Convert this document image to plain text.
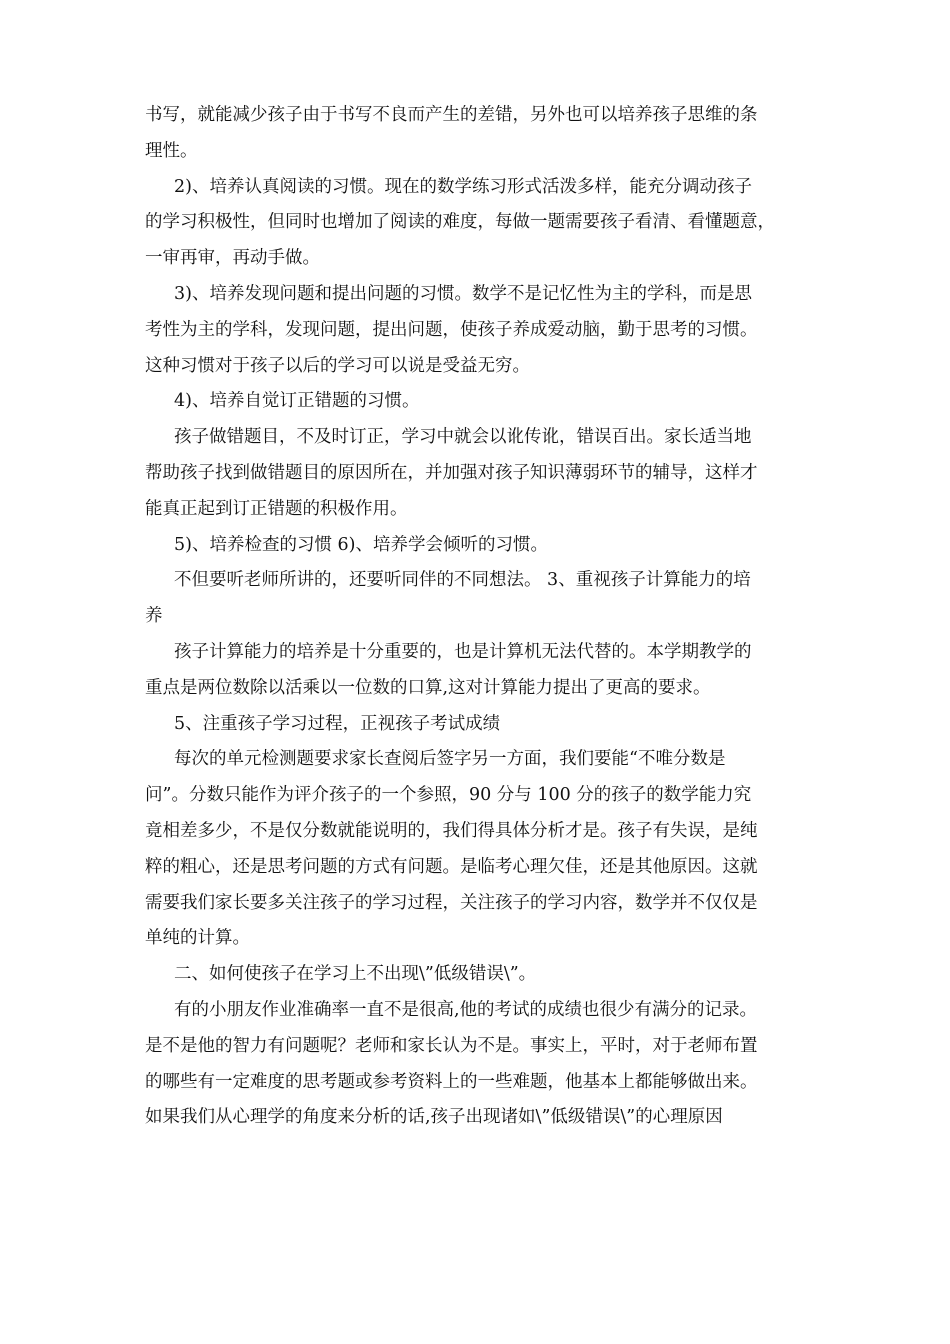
书写，就能减少孩子由于书写不良而产生的差错，另外也可以培养孩子思维的条
理性。
2)、培养认真阅读的习惯。现在的数学练习形式活泼多样，能充分调动孩子
的学习积极性，但同时也增加了阅读的难度，每做一题需要孩子看清、看懂题意，
一审再审，再动手做。
3)、培养发现问题和提出问题的习惯。数学不是记忆性为主的学科，而是思
考性为主的学科，发现问题，提出问题，使孩子养成爱动脑，勤于思考的习惯。
这种习惯对于孩子以后的学习可以说是受益无穷。
4)、培养自觉订正错题的习惯。
孩子做错题目，不及时订正，学习中就会以讹传讹，错误百出。家长适当地
帮助孩子找到做错题目的原因所在，并加强对孩子知识薄弱环节的辅导，这样才
能真正起到订正错题的积极作用。
5)、培养检查的习惯 6)、培养学会倾听的习惯。
不但要听老师所讲的，还要听同伴的不同想法。 3、重视孩子计算能力的培
养
孩子计算能力的培养是十分重要的，也是计算机无法代替的。本学期教学的
重点是两位数除以活乘以一位数的口算,这对计算能力提出了更高的要求。
5、注重孩子学习过程，正视孩子考试成绩
每次的单元检测题要求家长查阅后签字另一方面，我们要能“不唯分数是
问”。分数只能作为评介孩子的一个参照，90 分与 100 分的孩子的数学能力究
竟相差多少，不是仅分数就能说明的，我们得具体分析才是。孩子有失误，是纯
粹的粗心，还是思考问题的方式有问题。是临考心理欠佳，还是其他原因。这就
需要我们家长要多关注孩子的学习过程，关注孩子的学习内容，数学并不仅仅是
单纯的计算。
二、如何使孩子在学习上不出现\”低级错误\”。
有的小朋友作业准确率一直不是很高,他的考试的成绩也很少有满分的记录。
是不是他的智力有问题呢？老师和家长认为不是。事实上，平时，对于老师布置
的哪些有一定难度的思考题或参考资料上的一些难题，他基本上都能够做出来。
如果我们从心理学的角度来分析的话,孩子出现诸如\”低级错误\”的心理原因
